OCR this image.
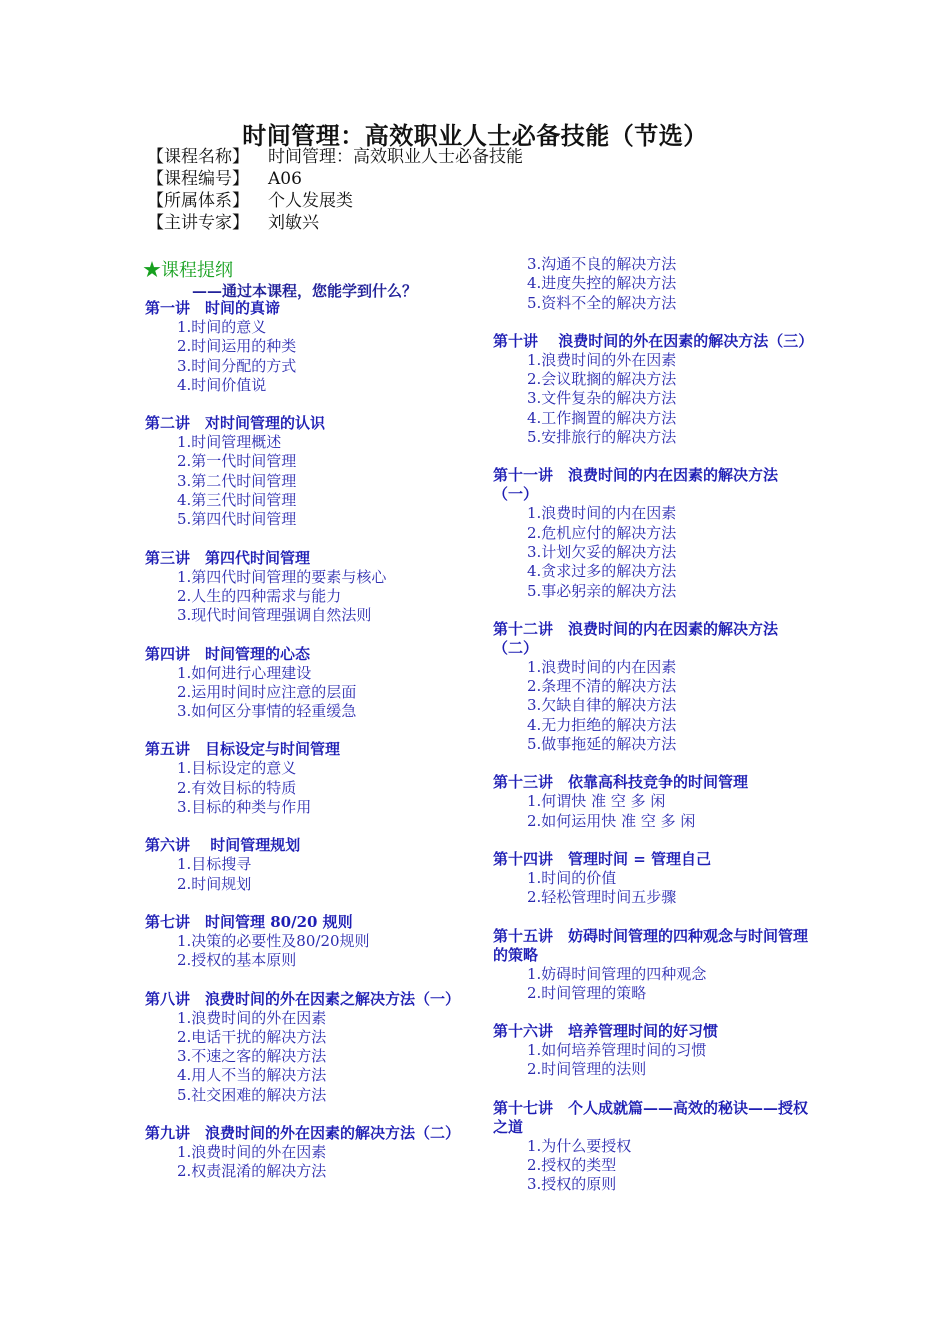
时间管理：高效职业人士必备技能（节选）
【课程名称】	时间管理：高效职业人士必备技能
【课程编号】	A06
【所属体系】	个人发展类
【主讲专家】	刘敏兴
★课程提纲
——通过本课程，您能学到什么？
第一讲　时间的真谛
1.时间的意义
2.时间运用的种类
3.时间分配的方式
4.时间价值说
第二讲　对时间管理的认识
1.时间管理概述
2.第一代时间管理
3.第二代时间管理
4.第三代时间管理
5.第四代时间管理
第三讲　第四代时间管理
1.第四代时间管理的要素与核心
2.人生的四种需求与能力
3.现代时间管理强调自然法则
第四讲　时间管理的心态
1.如何进行心理建设
2.运用时间时应注意的层面
3.如何区分事情的轻重缓急
第五讲　目标设定与时间管理
1.目标设定的意义
2.有效目标的特质
3.目标的种类与作用
第六讲　 时间管理规划
1.目标搜寻
2.时间规划
第七讲　时间管理 80/20 规则
1.决策的必要性及80/20规则
2.授权的基本原则
第八讲　浪费时间的外在因素之解决方法（一）
1.浪费时间的外在因素
2.电话干扰的解决方法
3.不速之客的解决方法
4.用人不当的解决方法
5.社交困难的解决方法
第九讲　浪费时间的外在因素的解决方法（二）
1.浪费时间的外在因素
2.权责混淆的解决方法
3.沟通不良的解决方法
4.进度失控的解决方法
5.资料不全的解决方法
第十讲　 浪费时间的外在因素的解决方法（三）
1.浪费时间的外在因素
2.会议耽搁的解决方法
3.文件复杂的解决方法
4.工作搁置的解决方法
5.安排旅行的解决方法
第十一讲　浪费时间的内在因素的解决方法（一）
1.浪费时间的内在因素
2.危机应付的解决方法
3.计划欠妥的解决方法
4.贪求过多的解决方法
5.事必躬亲的解决方法
第十二讲　浪费时间的内在因素的解决方法（二）
1.浪费时间的内在因素
2.条理不清的解决方法
3.欠缺自律的解决方法
4.无力拒绝的解决方法
5.做事拖延的解决方法
第十三讲　依靠高科技竞争的时间管理
1.何谓快 准 空 多 闲
2.如何运用快 准 空 多 闲
第十四讲　管理时间 = 管理自己
1.时间的价值
2.轻松管理时间五步骤
第十五讲　妨碍时间管理的四种观念与时间管理的策略
1.妨碍时间管理的四种观念
2.时间管理的策略
第十六讲　培养管理时间的好习惯
1.如何培养管理时间的习惯
2.时间管理的法则
第十七讲　个人成就篇——高效的秘诀——授权之道
1.为什么要授权
2.授权的类型
3.授权的原则
